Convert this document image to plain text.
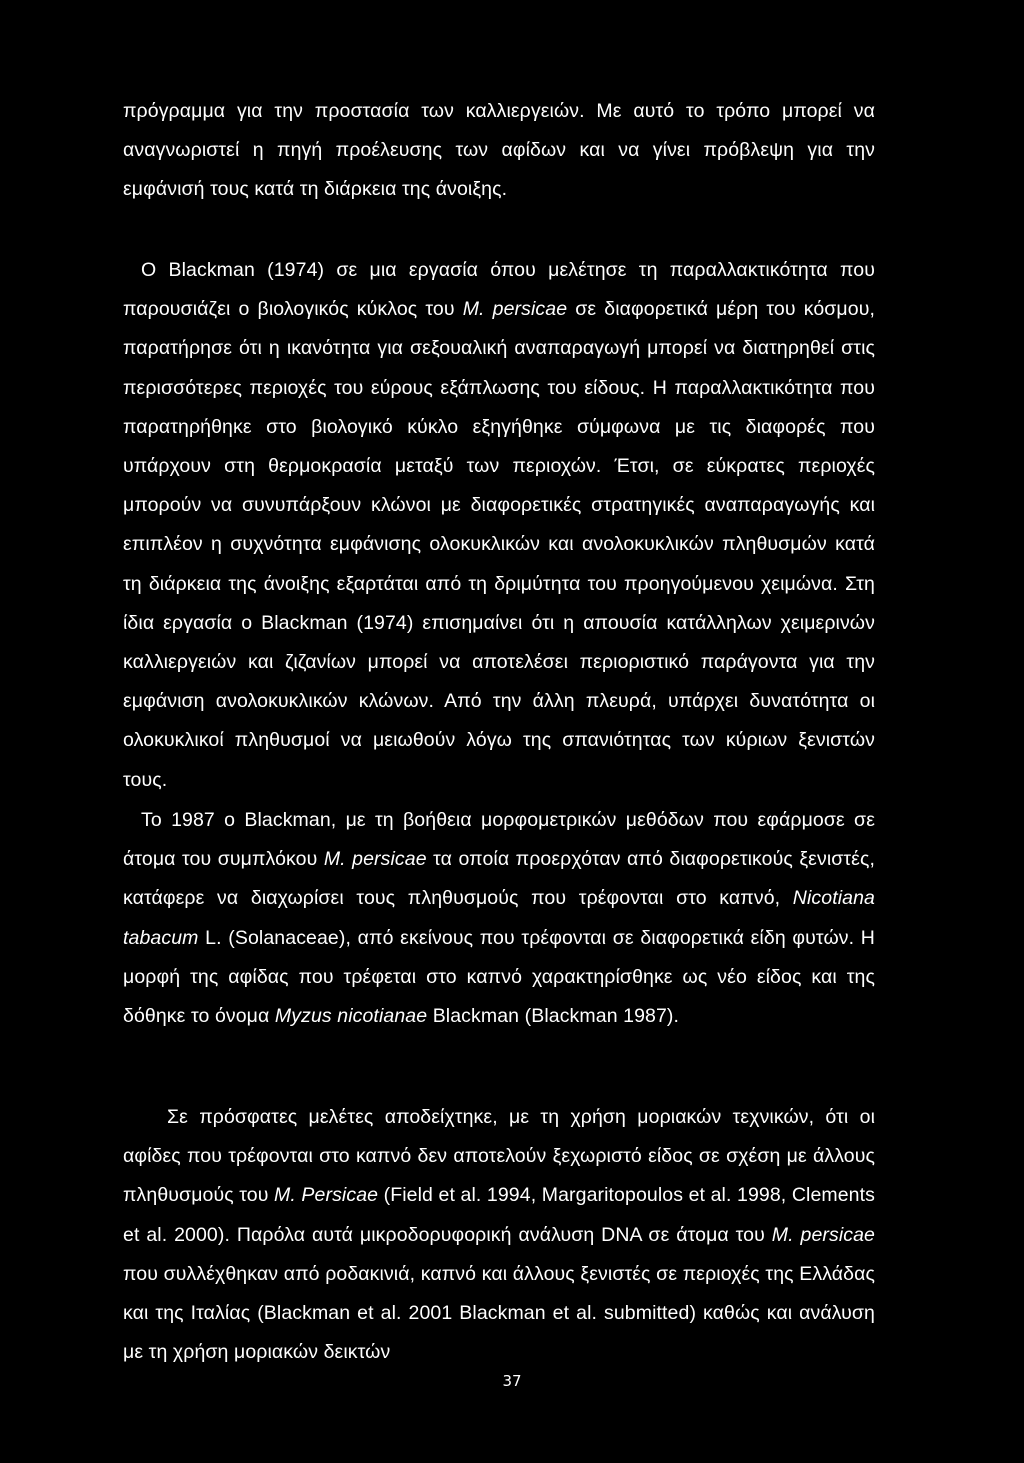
πρόγραμμα για την προστασία των καλλιεργειών. Με αυτό το τρόπο μπορεί να αναγνωριστεί η πηγή προέλευσης των αφίδων και να γίνει πρόβλεψη για την εμφάνισή τους κατά τη διάρκεια της άνοιξης.

Ο Blackman (1974) σε μια εργασία όπου μελέτησε τη παραλλακτικότητα που παρουσιάζει ο βιολογικός κύκλος του M. persicae σε διαφορετικά μέρη του κόσμου, παρατήρησε ότι η ικανότητα για σεξουαλική αναπαραγωγή μπορεί να διατηρηθεί στις περισσότερες περιοχές του εύρους εξάπλωσης του είδους. Η παραλλακτικότητα που παρατηρήθηκε στο βιολογικό κύκλο εξηγήθηκε σύμφωνα με τις διαφορές που υπάρχουν στη θερμοκρασία μεταξύ των περιοχών. Έτσι, σε εύκρατες περιοχές μπορούν να συνυπάρξουν κλώνοι με διαφορετικές στρατηγικές αναπαραγωγής και επιπλέον η συχνότητα εμφάνισης ολοκυκλικών και ανολοκυκλικών πληθυσμών κατά τη διάρκεια της άνοιξης εξαρτάται από τη δριμύτητα του προηγούμενου χειμώνα. Στη ίδια εργασία ο Blackman (1974) επισημαίνει ότι η απουσία κατάλληλων χειμερινών καλλιεργειών και ζιζανίων μπορεί να αποτελέσει περιοριστικό παράγοντα για την εμφάνιση ανολοκυκλικών κλώνων. Από την άλλη πλευρά, υπάρχει δυνατότητα οι ολοκυκλικοί πληθυσμοί να μειωθούν λόγω της σπανιότητας των κύριων ξενιστών τους.

Το 1987 ο Blackman, με τη βοήθεια μορφομετρικών μεθόδων που εφάρμοσε σε άτομα του συμπλόκου M. persicae τα οποία προερχόταν από διαφορετικούς ξενιστές, κατάφερε να διαχωρίσει τους πληθυσμούς που τρέφονται στο καπνό, Nicotiana tabacum L. (Solanaceae), από εκείνους που τρέφονται σε διαφορετικά είδη φυτών. Η μορφή της αφίδας που τρέφεται στο καπνό χαρακτηρίσθηκε ως νέο είδος και της δόθηκε το όνομα Myzus nicotianae Blackman (Blackman 1987).

Σε πρόσφατες μελέτες αποδείχτηκε, με τη χρήση μοριακών τεχνικών, ότι οι αφίδες που τρέφονται στο καπνό δεν αποτελούν ξεχωριστό είδος σε σχέση με άλλους πληθυσμούς του M. Persicae (Field et al. 1994, Margaritopoulos et al. 1998, Clements et al. 2000). Παρόλα αυτά μικροδορυφορική ανάλυση DNA σε άτομα του M. persicae που συλλέχθηκαν από ροδακινιά, καπνό και άλλους ξενιστές σε περιοχές της Ελλάδας και της Ιταλίας (Blackman et al. 2001 Blackman et al. submitted) καθώς και ανάλυση με τη χρήση μοριακών δεικτών

37
